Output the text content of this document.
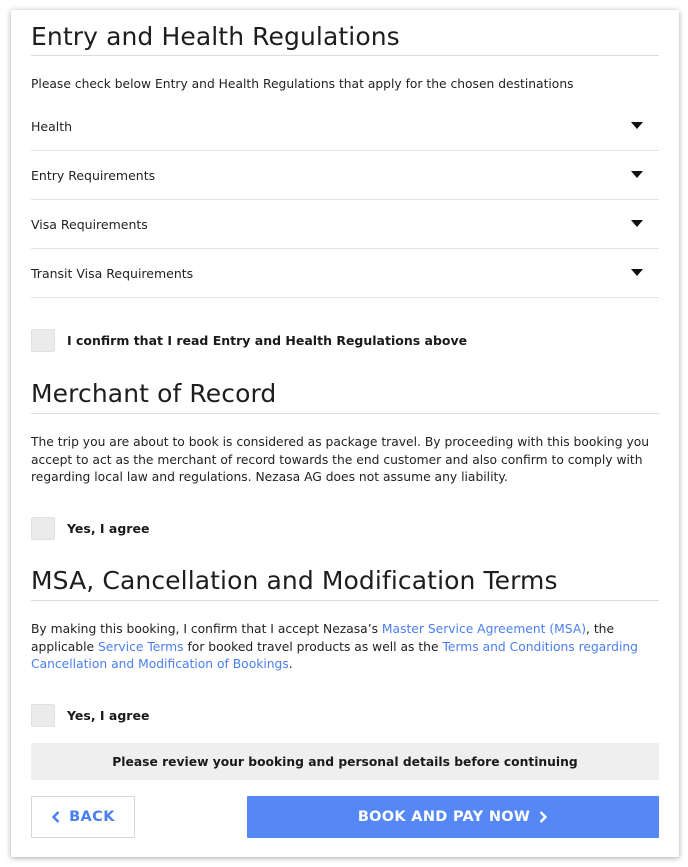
Entry and Health Regulations

Please check below Entry and Health Regulations that apply for the chosen destinations

Health
Entry Requirements
Visa Requirements
Transit Visa Requirements
I confirm that I read Entry and Health Regulations above
Merchant of Record

The trip you are about to book is considered as package travel. By proceeding with this booking you accept to act as the merchant of record towards the end customer and also confirm to comply with regarding local law and regulations. Nezasa AG does not assume any liability.

Yes, I agree
MSA, Cancellation and Modification Terms

By making this booking, I confirm that I accept Nezasa’s Master Service Agreement (MSA), the applicable Service Terms for booked travel products as well as the Terms and Conditions regarding Cancellation and Modification of Bookings.

Yes, I agree
Please review your booking and personal details before continuing
BACK	BOOK AND PAY NOW
